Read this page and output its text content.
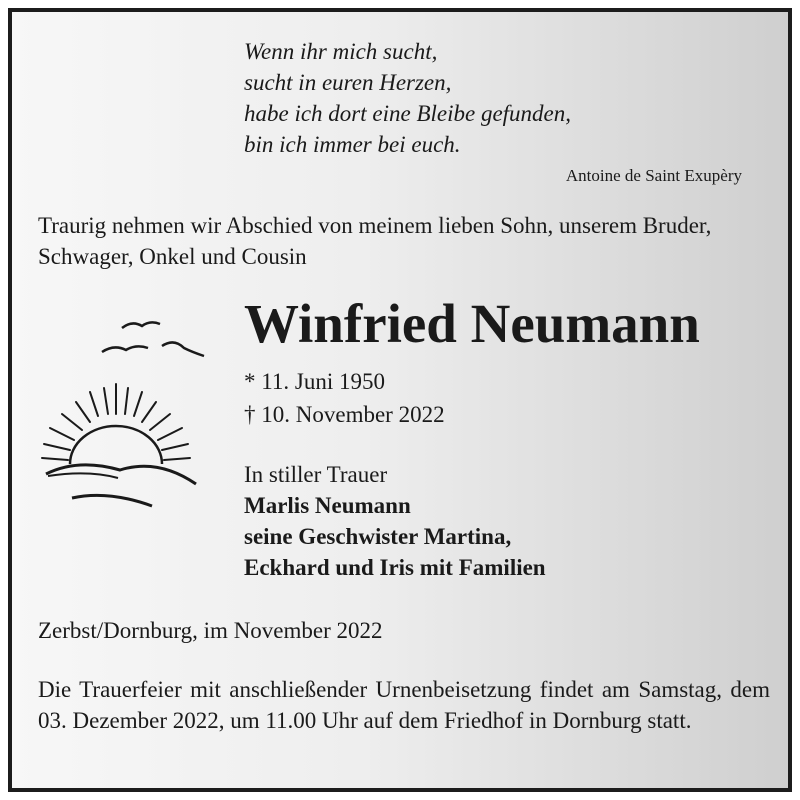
Wenn ihr mich sucht,
sucht in euren Herzen,
habe ich dort eine Bleibe gefunden,
bin ich immer bei euch.
Antoine de Saint Exupèry
Traurig nehmen wir Abschied von meinem lieben Sohn, unserem Bruder, Schwager, Onkel und Cousin
Winfried Neumann
* 11. Juni 1950
† 10. November 2022
In stiller Trauer
Marlis Neumann
seine Geschwister Martina,
Eckhard und Iris mit Familien
Zerbst/Dornburg, im November 2022
Die Trauerfeier mit anschließender Urnenbeisetzung findet am Samstag, dem 03. Dezember 2022, um 11.00 Uhr auf dem Friedhof in Dornburg statt.
